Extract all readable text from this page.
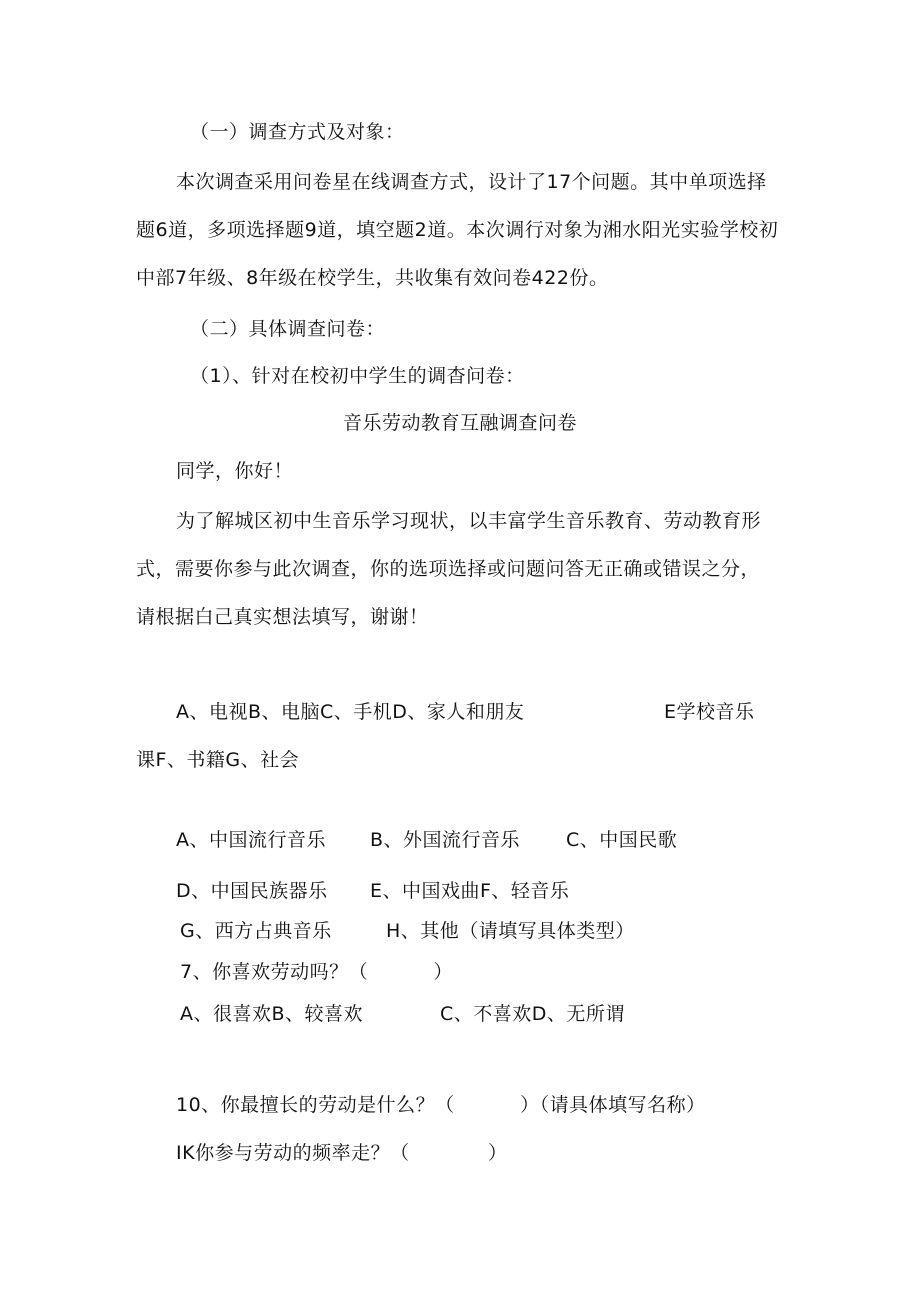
（一）调查方式及对象：
本次调查采用问卷星在线调查方式，设计了17个问题。其中单项选择
题6道，多项选择题9道，填空题2道。本次调行对象为湘水阳光实验学校初
中部7年级、8年级在校学生，共收集有效问卷422份。
（二）具体调查问卷：
（1）、针对在校初中学生的调杳问卷：
音乐劳动教育互融调查问卷
同学，你好！
为了解城区初中生音乐学习现状，以丰富学生音乐教育、劳动教育形
式，需要你参与此次调查，你的选项选择或问题问答无正确或错误之分，
请根据白己真实想法填写，谢谢！
A、电视B、电脑C、手机D、家人和朋友	E学校音乐
课F、书籍G、社会
A、中国流行音乐 B、外国流行音乐 C、中国民歌
D、中国民族器乐 E、中国戏曲F、轻音乐
G、西方占典音乐	H、其他（请填写具体类型）
7、你喜欢劳动吗？（          ）
A、很喜欢B、较喜欢	C、不喜欢D、无所谓
10、你最擅长的劳动是什么？（          ）（请具体填写名称）
IK你参与劳动的频率走？（            ）
